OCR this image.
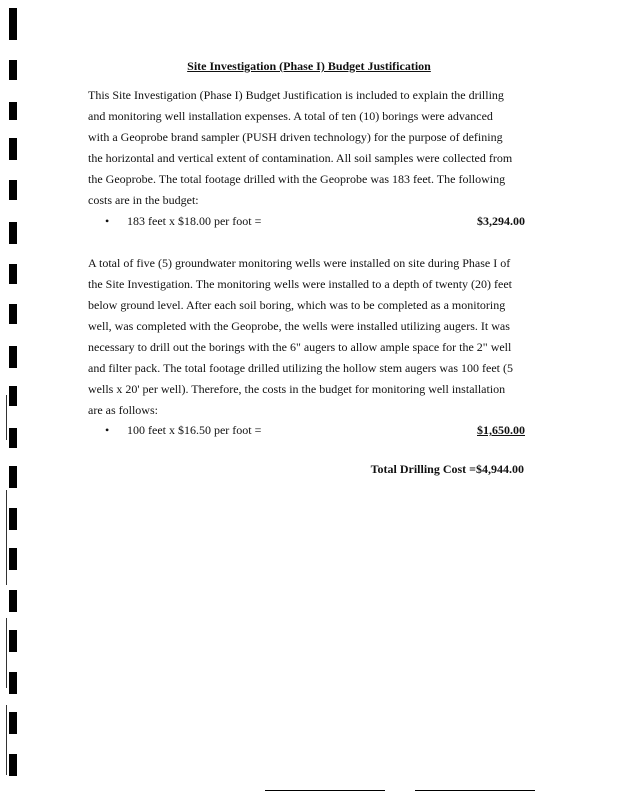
Site Investigation (Phase I) Budget Justification

This Site Investigation (Phase I) Budget Justification is included to explain the drilling
and monitoring well installation expenses. A total of ten (10) borings were advanced
with a Geoprobe brand sampler (PUSH driven technology) for the purpose of defining
the horizontal and vertical extent of contamination. All soil samples were collected from
the Geoprobe. The total footage drilled with the Geoprobe was 183 feet. The following
costs are in the budget:

• 183 feet x $18.00 per foot =	$3,294.00

A total of five (5) groundwater monitoring wells were installed on site during Phase I of
the Site Investigation. The monitoring wells were installed to a depth of twenty (20) feet
below ground level. After each soil boring, which was to be completed as a monitoring
well, was completed with the Geoprobe, the wells were installed utilizing augers. It was
necessary to drill out the borings with the 6" augers to allow ample space for the 2" well
and filter pack. The total footage drilled utilizing the hollow stem augers was 100 feet (5
wells x 20' per well). Therefore, the costs in the budget for monitoring well installation
are as follows:

• 100 feet x $16.50 per foot =	$1,650.00
Total Drilling Cost =$4,944.00
